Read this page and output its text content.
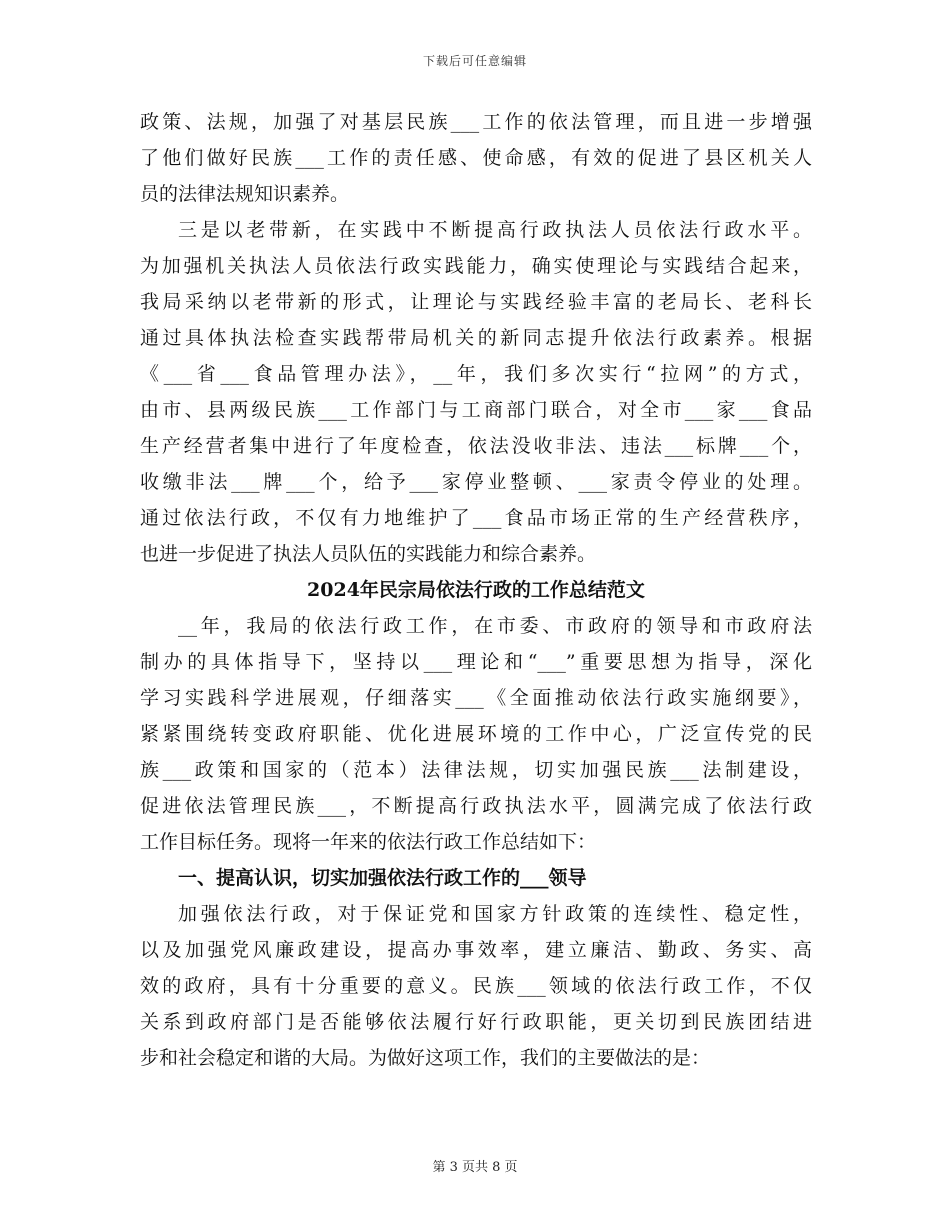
下载后可任意编辑
政策、法规，加强了对基层民族___工作的依法管理，而且进一步增强
了他们做好民族___工作的责任感、使命感，有效的促进了县区机关人
员的法律法规知识素养。
三是以老带新，在实践中不断提高行政执法人员依法行政水平。
为加强机关执法人员依法行政实践能力，确实使理论与实践结合起来，
我局采纳以老带新的形式，让理论与实践经验丰富的老局长、老科长
通过具体执法检查实践帮带局机关的新同志提升依法行政素养。根据
《___省___食品管理办法》，__年，我们多次实行“拉网”的方式，
由市、县两级民族___工作部门与工商部门联合，对全市___家___食品
生产经营者集中进行了年度检查，依法没收非法、违法___标牌___个，
收缴非法___牌___个，给予___家停业整顿、___家责令停业的处理。
通过依法行政，不仅有力地维护了___食品市场正常的生产经营秩序，
也进一步促进了执法人员队伍的实践能力和综合素养。
2024年民宗局依法行政的工作总结范文
__年，我局的依法行政工作，在市委、市政府的领导和市政府法
制办的具体指导下，坚持以___理论和“___”重要思想为指导，深化
学习实践科学进展观，仔细落实___《全面推动依法行政实施纲要》，
紧紧围绕转变政府职能、优化进展环境的工作中心，广泛宣传党的民
族___政策和国家的（范本）法律法规，切实加强民族___法制建设，
促进依法管理民族___，不断提高行政执法水平，圆满完成了依法行政
工作目标任务。现将一年来的依法行政工作总结如下：
一、提高认识，切实加强依法行政工作的___领导
加强依法行政，对于保证党和国家方针政策的连续性、稳定性，
以及加强党风廉政建设，提高办事效率，建立廉洁、勤政、务实、高
效的政府，具有十分重要的意义。民族___领域的依法行政工作，不仅
关系到政府部门是否能够依法履行好行政职能，更关切到民族团结进
步和社会稳定和谐的大局。为做好这项工作，我们的主要做法的是：
第 3 页共 8 页
